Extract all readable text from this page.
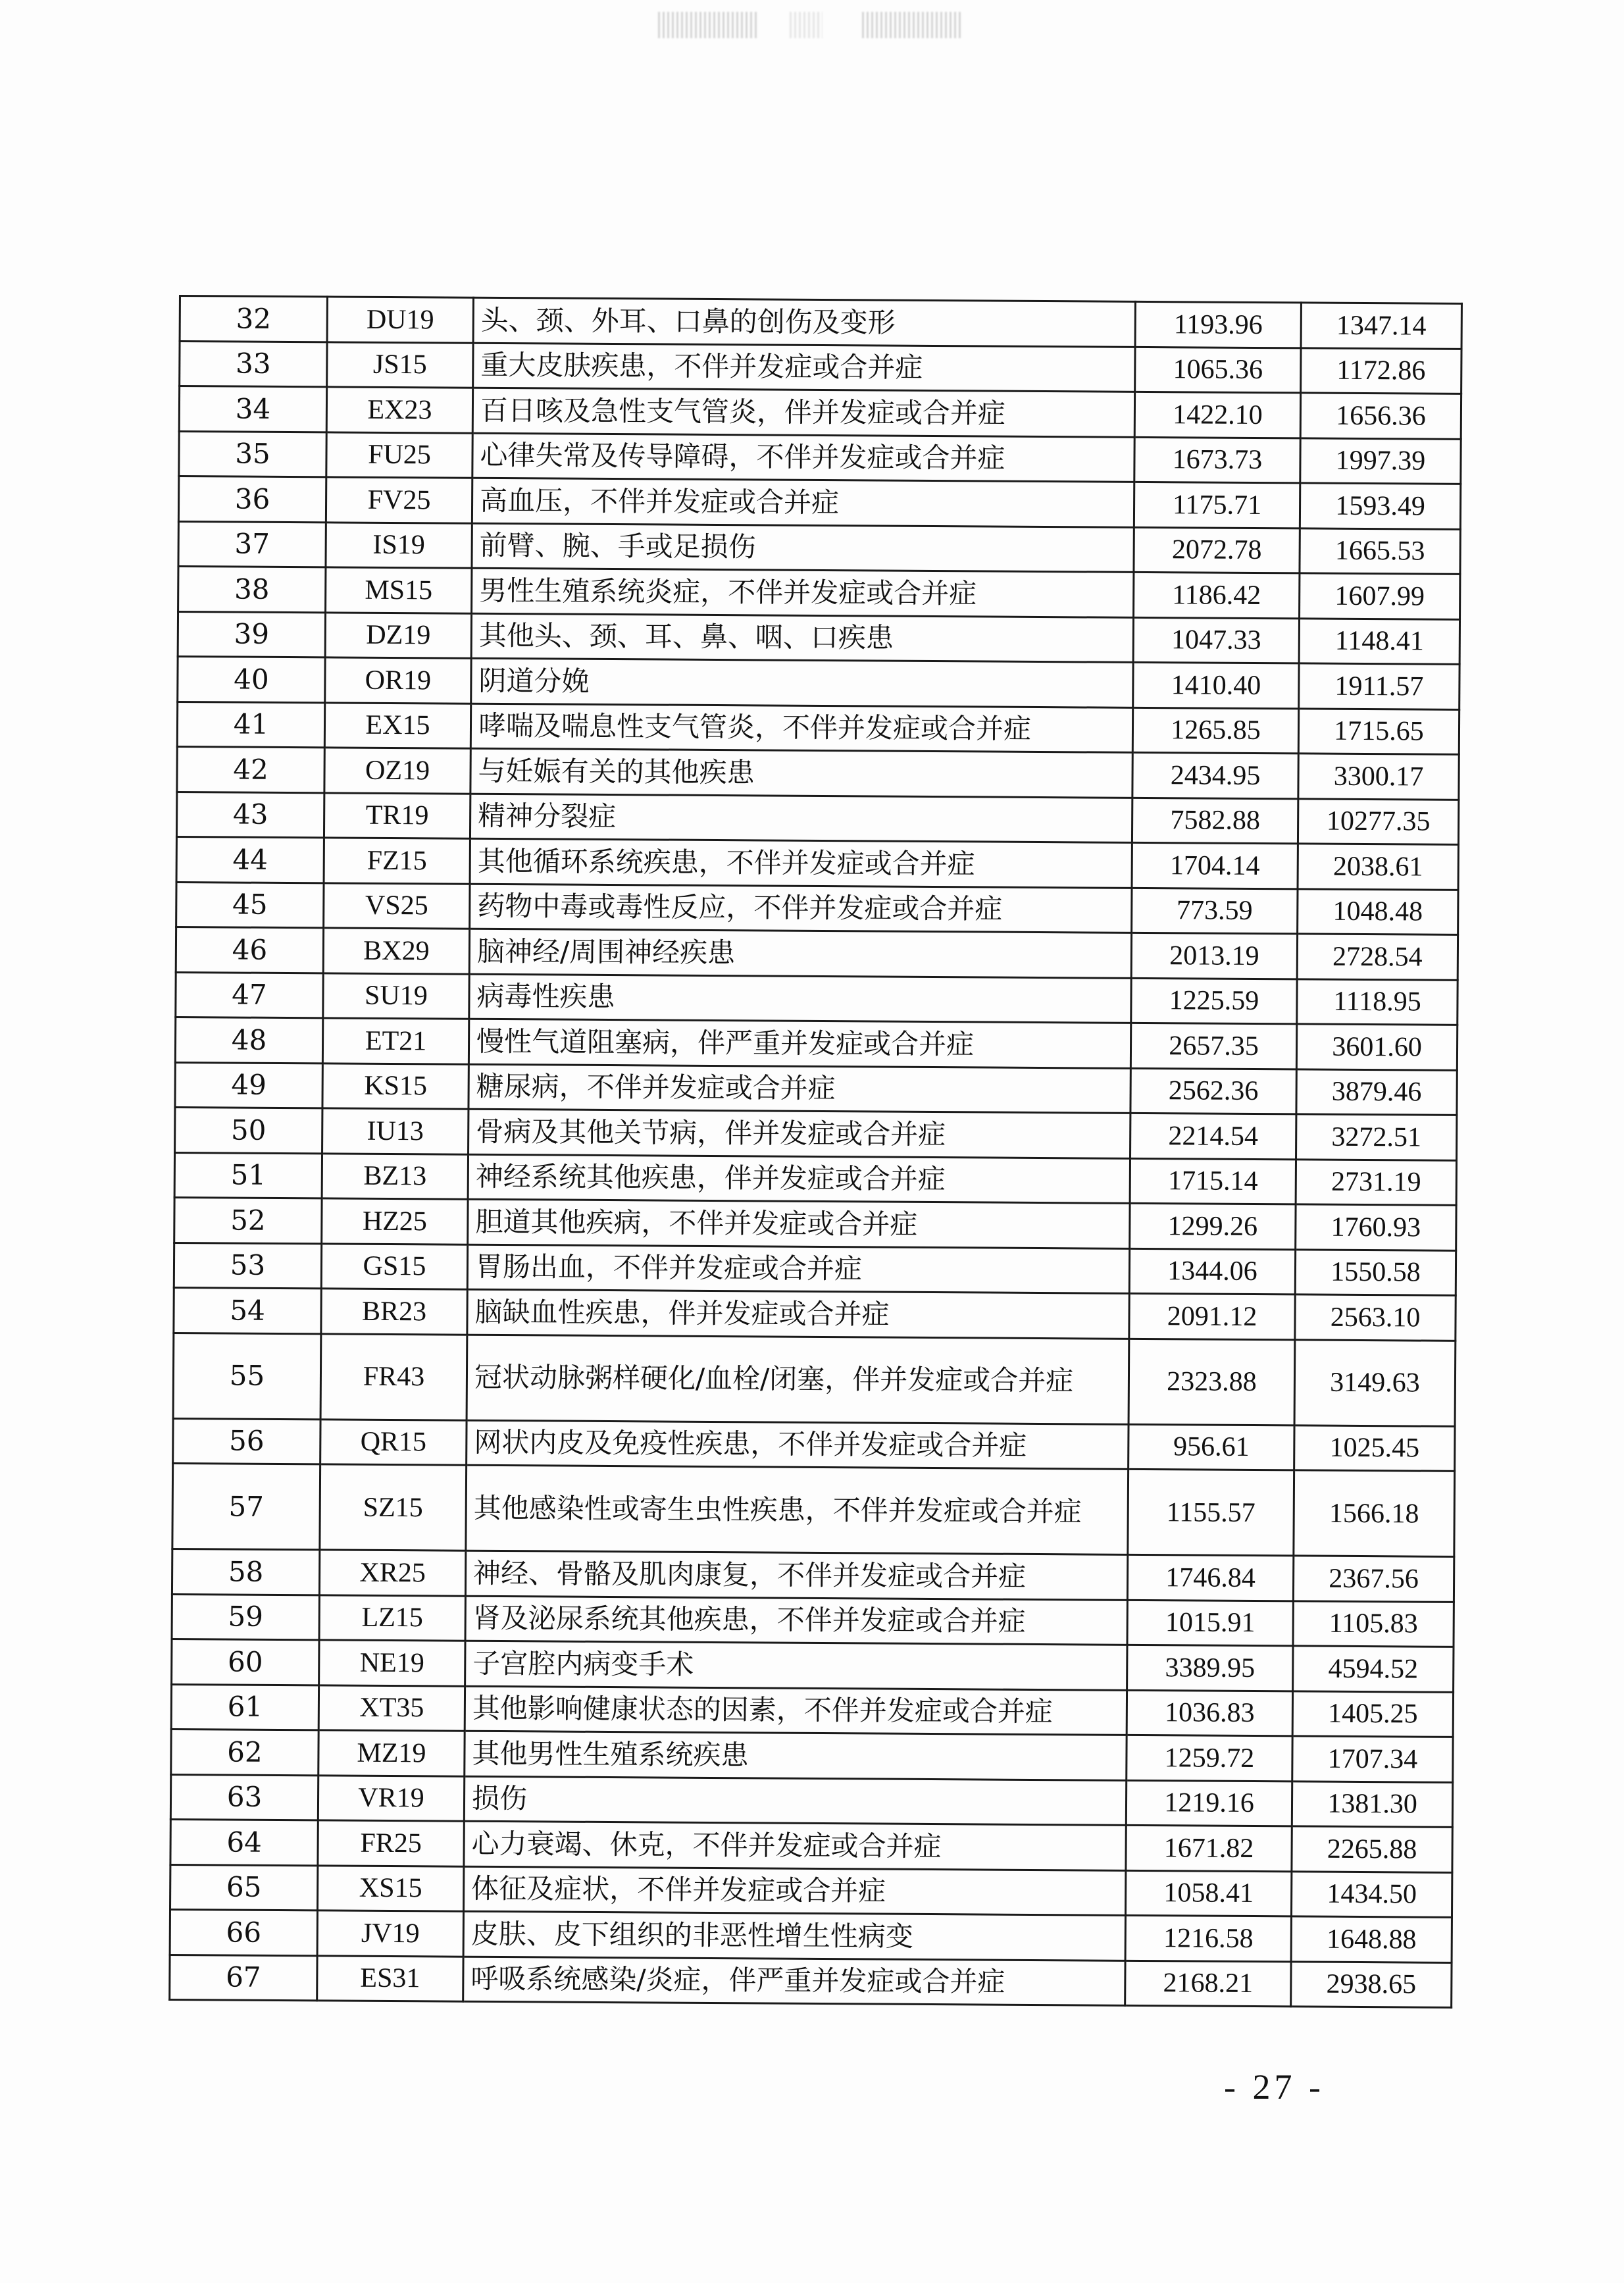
32	DU19	头、颈、外耳、口鼻的创伤及变形	1193.96	1347.14
33	JS15	重大皮肤疾患，不伴并发症或合并症	1065.36	1172.86
34	EX23	百日咳及急性支气管炎，伴并发症或合并症	1422.10	1656.36
35	FU25	心律失常及传导障碍，不伴并发症或合并症	1673.73	1997.39
36	FV25	高血压，不伴并发症或合并症	1175.71	1593.49
37	IS19	前臂、腕、手或足损伤	2072.78	1665.53
38	MS15	男性生殖系统炎症，不伴并发症或合并症	1186.42	1607.99
39	DZ19	其他头、颈、耳、鼻、咽、口疾患	1047.33	1148.41
40	OR19	阴道分娩	1410.40	1911.57
41	EX15	哮喘及喘息性支气管炎，不伴并发症或合并症	1265.85	1715.65
42	OZ19	与妊娠有关的其他疾患	2434.95	3300.17
43	TR19	精神分裂症	7582.88	10277.35
44	FZ15	其他循环系统疾患，不伴并发症或合并症	1704.14	2038.61
45	VS25	药物中毒或毒性反应，不伴并发症或合并症	773.59	1048.48
46	BX29	脑神经/周围神经疾患	2013.19	2728.54
47	SU19	病毒性疾患	1225.59	1118.95
48	ET21	慢性气道阻塞病，伴严重并发症或合并症	2657.35	3601.60
49	KS15	糖尿病，不伴并发症或合并症	2562.36	3879.46
50	IU13	骨病及其他关节病，伴并发症或合并症	2214.54	3272.51
51	BZ13	神经系统其他疾患，伴并发症或合并症	1715.14	2731.19
52	HZ25	胆道其他疾病，不伴并发症或合并症	1299.26	1760.93
53	GS15	胃肠出血，不伴并发症或合并症	1344.06	1550.58
54	BR23	脑缺血性疾患，伴并发症或合并症	2091.12	2563.10
55	FR43	冠状动脉粥样硬化/血栓/闭塞，伴并发症或合并症	2323.88	3149.63
56	QR15	网状内皮及免疫性疾患，不伴并发症或合并症	956.61	1025.45
57	SZ15	其他感染性或寄生虫性疾患，不伴并发症或合并症	1155.57	1566.18
58	XR25	神经、骨骼及肌肉康复，不伴并发症或合并症	1746.84	2367.56
59	LZ15	肾及泌尿系统其他疾患，不伴并发症或合并症	1015.91	1105.83
60	NE19	子宫腔内病变手术	3389.95	4594.52
61	XT35	其他影响健康状态的因素，不伴并发症或合并症	1036.83	1405.25
62	MZ19	其他男性生殖系统疾患	1259.72	1707.34
63	VR19	损伤	1219.16	1381.30
64	FR25	心力衰竭、休克，不伴并发症或合并症	1671.82	2265.88
65	XS15	体征及症状，不伴并发症或合并症	1058.41	1434.50
66	JV19	皮肤、皮下组织的非恶性增生性病变	1216.58	1648.88
67	ES31	呼吸系统感染/炎症，伴严重并发症或合并症	2168.21	2938.65
- 27 -
